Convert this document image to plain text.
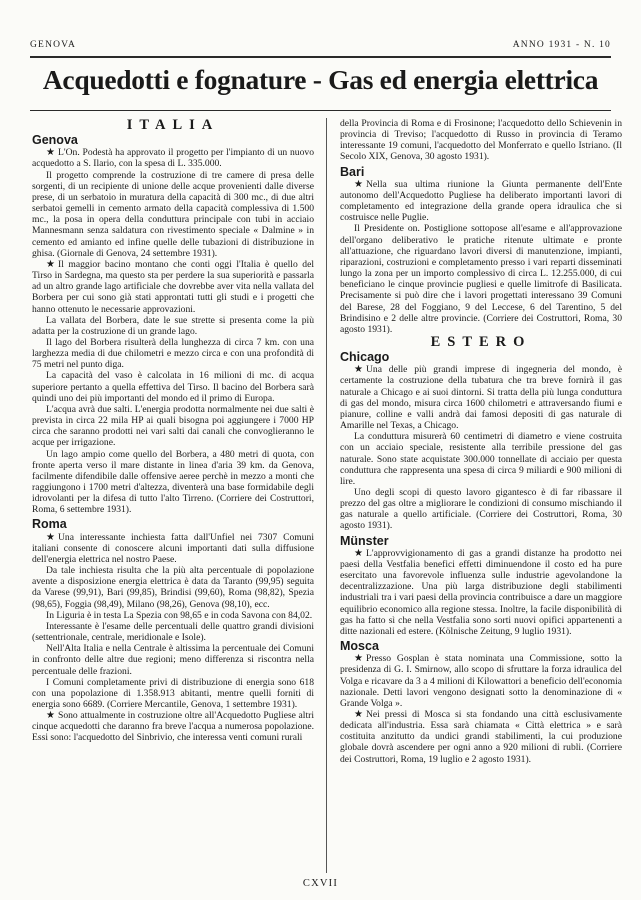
GENOVA	ANNO 1931 - N. 10
Acquedotti e fognature - Gas ed energia elettrica
ITALIA
Genova

★ L'On. Podestà ha approvato il progetto per l'impianto di un nuovo acquedotto a S. Ilario, con la spesa di L. 335.000.

Il progetto comprende la costruzione di tre camere di presa delle sorgenti, di un recipiente di unione delle acque provenienti dalle diverse prese, di un serbatoio in muratura della capacità di 300 mc., di due altri serbatoi gemelli in cemento armato della capacità complessiva di 1.500 mc., la posa in opera della conduttura principale con tubi in acciaio Mannesmann senza saldatura con rivestimento speciale « Dalmine » in cemento ed amianto ed infine quelle delle tubazioni di distribuzione in ghisa. (Giornale di Genova, 24 settembre 1931).

★ Il maggior bacino montano che conti oggi l'Italia è quello del Tirso in Sardegna, ma questo sta per perdere la sua superiorità e passarla ad un altro grande lago artificiale che dovrebbe aver vita nella vallata del Borbera per cui sono già stati approntati tutti gli studi e i progetti che hanno ottenuto le necessarie approvazioni.

La vallata del Borbera, date le sue strette si presenta come la più adatta per la costruzione di un grande lago.

Il lago del Borbera risulterà della lunghezza di circa 7 km. con una larghezza media di due chilometri e mezzo circa e con una profondità di 75 metri nel punto diga.

La capacità del vaso è calcolata in 16 milioni di mc. di acqua superiore pertanto a quella effettiva del Tirso. Il bacino del Borbera sarà quindi uno dei più importanti del mondo ed il primo di Europa.

L'acqua avrà due salti. L'energia prodotta normalmente nei due salti è prevista in circa 22 mila HP ai quali bisogna poi aggiungere i 7000 HP circa che saranno prodotti nei vari salti dai canali che convoglieranno le acque per irrigazione.

Un lago ampio come quello del Borbera, a 480 metri di quota, con fronte aperta verso il mare distante in linea d'aria 39 km. da Genova, facilmente difendibile dalle offensive aeree perchè in mezzo a monti che raggiungono i 1700 metri d'altezza, diventerà una base formidabile degli idrovolanti per la difesa di tutto l'alto Tirreno. (Corriere dei Costruttori, Roma, 6 settembre 1931).

Roma

★ Una interessante inchiesta fatta dall'Unfiel nei 7307 Comuni italiani consente di conoscere alcuni importanti dati sulla diffusione dell'energia elettrica nel nostro Paese.

Da tale inchiesta risulta che la più alta percentuale di popolazione avente a disposizione energia elettrica è data da Taranto (99,95) seguita da Varese (99,91), Bari (99,85), Brindisi (99,60), Roma (98,82), Spezia (98,65), Foggia (98,49), Milano (98,26), Genova (98,10), ecc.

In Liguria è in testa La Spezia con 98,65 e in coda Savona con 84,02.

Interessante è l'esame delle percentuali delle quattro grandi divisioni (settentrionale, centrale, meridionale e Isole).

Nell'Alta Italia e nella Centrale è altissima la percentuale dei Comuni in confronto delle altre due regioni; meno differenza si riscontra nella percentuale delle frazioni.

I Comuni completamente privi di distribuzione di energia sono 618 con una popolazione di 1.358.913 abitanti, mentre quelli forniti di energia sono 6689. (Corriere Mercantile, Genova, 1 settembre 1931).

★ Sono attualmente in costruzione oltre all'Acquedotto Pugliese altri cinque acquedotti che daranno fra breve l'acqua a numerosa popolazione. Essi sono: l'acquedotto del Sinbrivio, che interessa venti comuni rurali

della Provincia di Roma e di Frosinone; l'acquedotto dello Schievenin in provincia di Treviso; l'acquedotto di Russo in provincia di Teramo interessante 19 comuni, l'acquedotto del Monferrato e quello Istriano. (Il Secolo XIX, Genova, 30 agosto 1931).

Bari

★ Nella sua ultima riunione la Giunta permanente dell'Ente autonomo dell'Acquedotto Pugliese ha deliberato importanti lavori di completamento ed integrazione della grande opera idraulica che si costruisce nelle Puglie.

Il Presidente on. Postiglione sottopose all'esame e all'approvazione dell'organo deliberativo le pratiche ritenute ultimate e pronte all'attuazione, che riguardano lavori diversi di manutenzione, impianti, riparazioni, costruzioni e completamento presso i vari reparti disseminati lungo la zona per un importo complessivo di circa L. 12.255.000, di cui beneficiano le cinque provincie pugliesi e quelle limitrofe di Basilicata. Precisamente si può dire che i lavori progettati interessano 39 Comuni del Barese, 28 del Foggiano, 9 del Leccese, 6 del Tarentino, 5 del Brindisino e 2 delle altre provincie. (Corriere dei Costruttori, Roma, 30 agosto 1931).

ESTERO
Chicago

★ Una delle più grandi imprese di ingegneria del mondo, è certamente la costruzione della tubatura che tra breve fornirà il gas naturale a Chicago e ai suoi dintorni. Si tratta della più lunga conduttura di gas del mondo, misura circa 1600 chilometri e attraversando fiumi e pianure, colline e valli andrà dai famosi depositi di gas naturale di Amarille nel Texas, a Chicago.

La conduttura misurerà 60 centimetri di diametro e viene costruita con un acciaio speciale, resistente alla terribile pressione del gas naturale. Sono state acquistate 300.000 tonnellate di acciaio per questa conduttura che rappresenta una spesa di circa 9 miliardi e 900 milioni di lire.

Uno degli scopi di questo lavoro gigantesco è di far ribassare il prezzo del gas oltre a migliorare le condizioni di consumo mischiando il gas naturale a quello artificiale. (Corriere dei Costruttori, Roma, 30 agosto 1931).

Münster

★ L'approvvigionamento di gas a grandi distanze ha prodotto nei paesi della Vestfalia benefici effetti diminuendone il costo ed ha pure esercitato una favorevole influenza sulle industrie agevolandone la decentralizzazione. Una più larga distribuzione degli stabilimenti industriali tra i vari paesi della provincia contribuisce a dare un maggiore equilibrio economico alla regione stessa. Inoltre, la facile disponibilità di gas ha fatto sì che nella Vestfalia sono sorti nuovi opifici appartenenti a ditte nazionali ed estere. (Kölnische Zeitung, 9 luglio 1931).

Mosca

★ Presso Gosplan è stata nominata una Commissione, sotto la presidenza di G. I. Smirnow, allo scopo di sfruttare la forza idraulica del Volga e ricavare da 3 a 4 milioni di Kilowattori a beneficio dell'economia nazionale. Detti lavori vengono designati sotto la denominazione di « Grande Volga ».

★ Nei pressi di Mosca si sta fondando una città esclusivamente dedicata all'industria. Essa sarà chiamata « Città elettrica » e sarà costituita anzitutto da undici grandi stabilimenti, la cui produzione globale dovrà ascendere per ogni anno a 920 milioni di rubli. (Corriere dei Costruttori, Roma, 19 luglio e 2 agosto 1931).

CXVII
